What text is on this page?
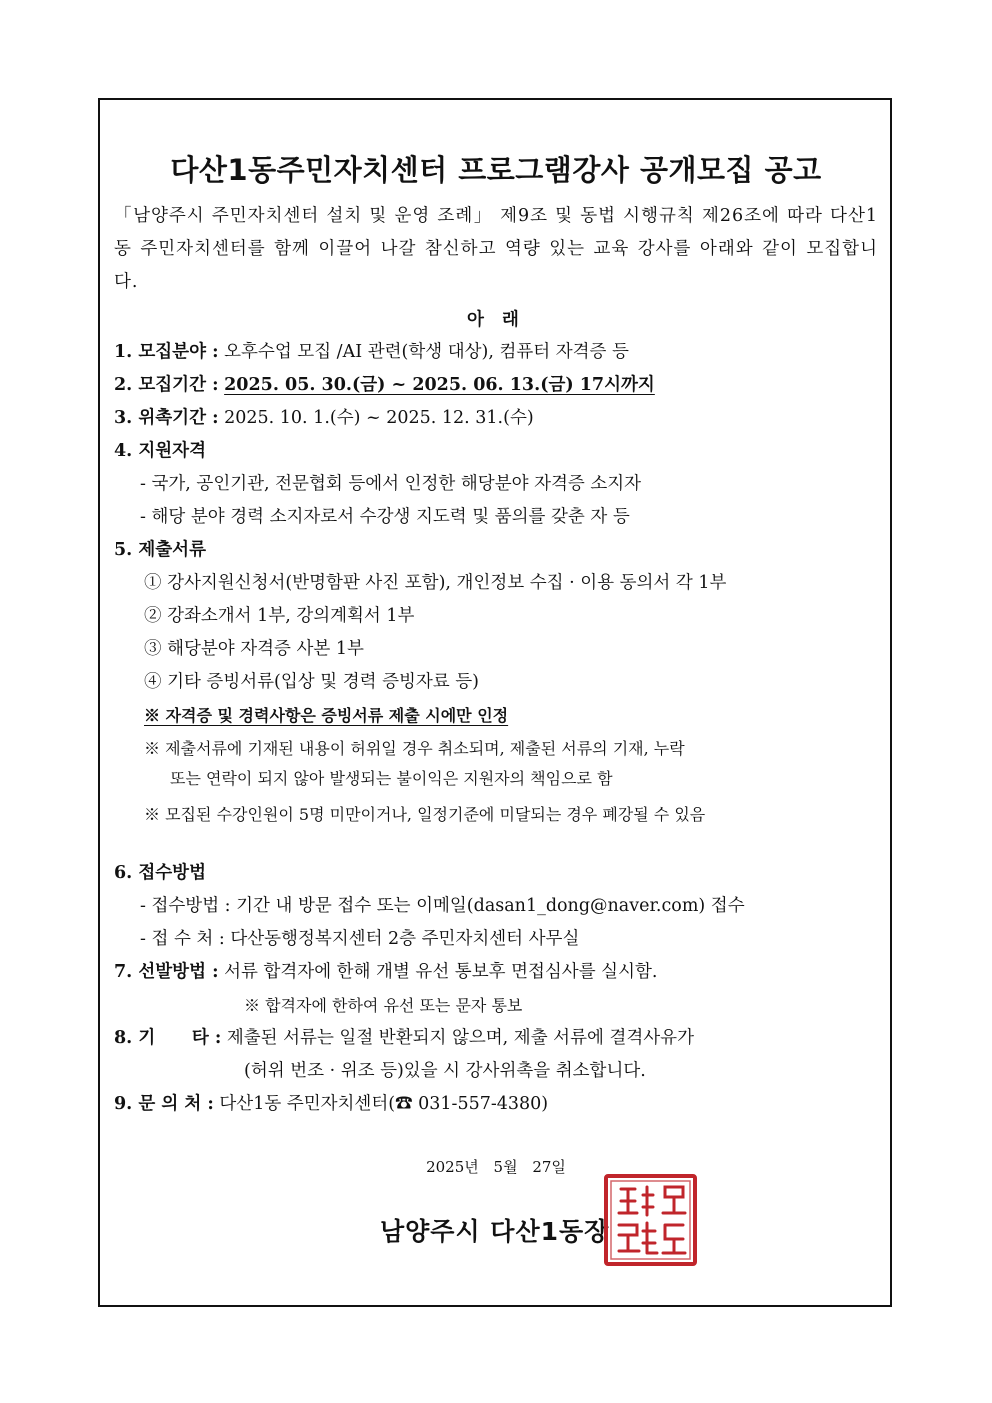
다산1동주민자치센터 프로그램강사 공개모집 공고
「남양주시 주민자치센터 설치 및 운영 조례」 제9조 및 동법 시행규칙 제26조에 따라 다산1동 주민자치센터를 함께 이끌어 나갈 참신하고 역량 있는 교육 강사를 아래와 같이 모집합니다.
아 래
1. 모집분야 : 오후수업 모집 /AI 관련(학생 대상), 컴퓨터 자격증 등
2. 모집기간 : 2025. 05. 30.(금) ~ 2025. 06. 13.(금) 17시까지
3. 위촉기간 : 2025. 10. 1.(수) ~ 2025. 12. 31.(수)
4. 지원자격
- 국가, 공인기관, 전문협회 등에서 인정한 해당분야 자격증 소지자
- 해당 분야 경력 소지자로서 수강생 지도력 및 품의를 갖춘 자 등
5. 제출서류
① 강사지원신청서(반명함판 사진 포함), 개인정보 수집 · 이용 동의서 각 1부
② 강좌소개서 1부, 강의계획서 1부
③ 해당분야 자격증 사본 1부
④ 기타 증빙서류(입상 및 경력 증빙자료 등)
※ 자격증 및 경력사항은 증빙서류 제출 시에만 인정
※ 제출서류에 기재된 내용이 허위일 경우 취소되며, 제출된 서류의 기재, 누락
또는 연락이 되지 않아 발생되는 불이익은 지원자의 책임으로 함
※ 모집된 수강인원이 5명 미만이거나, 일정기준에 미달되는 경우 폐강될 수 있음
6. 접수방법
- 접수방법 : 기간 내 방문 접수 또는 이메일(dasan1_dong@naver.com) 접수
- 접 수 처 : 다산동행정복지센터 2층 주민자치센터 사무실
7. 선발방법 : 서류 합격자에 한해 개별 유선 통보후 면접심사를 실시함.
※ 합격자에 한하여 유선 또는 문자 통보
8. 기      타 : 제출된 서류는 일절 반환되지 않으며, 제출 서류에 결격사유가
(허위 번조 · 위조 등)있을 시 강사위촉을 취소합니다.
9. 문 의 처 : 다산1동 주민자치센터(☎ 031-557-4380)
2025년 5월 27일
남양주시 다산1동장
